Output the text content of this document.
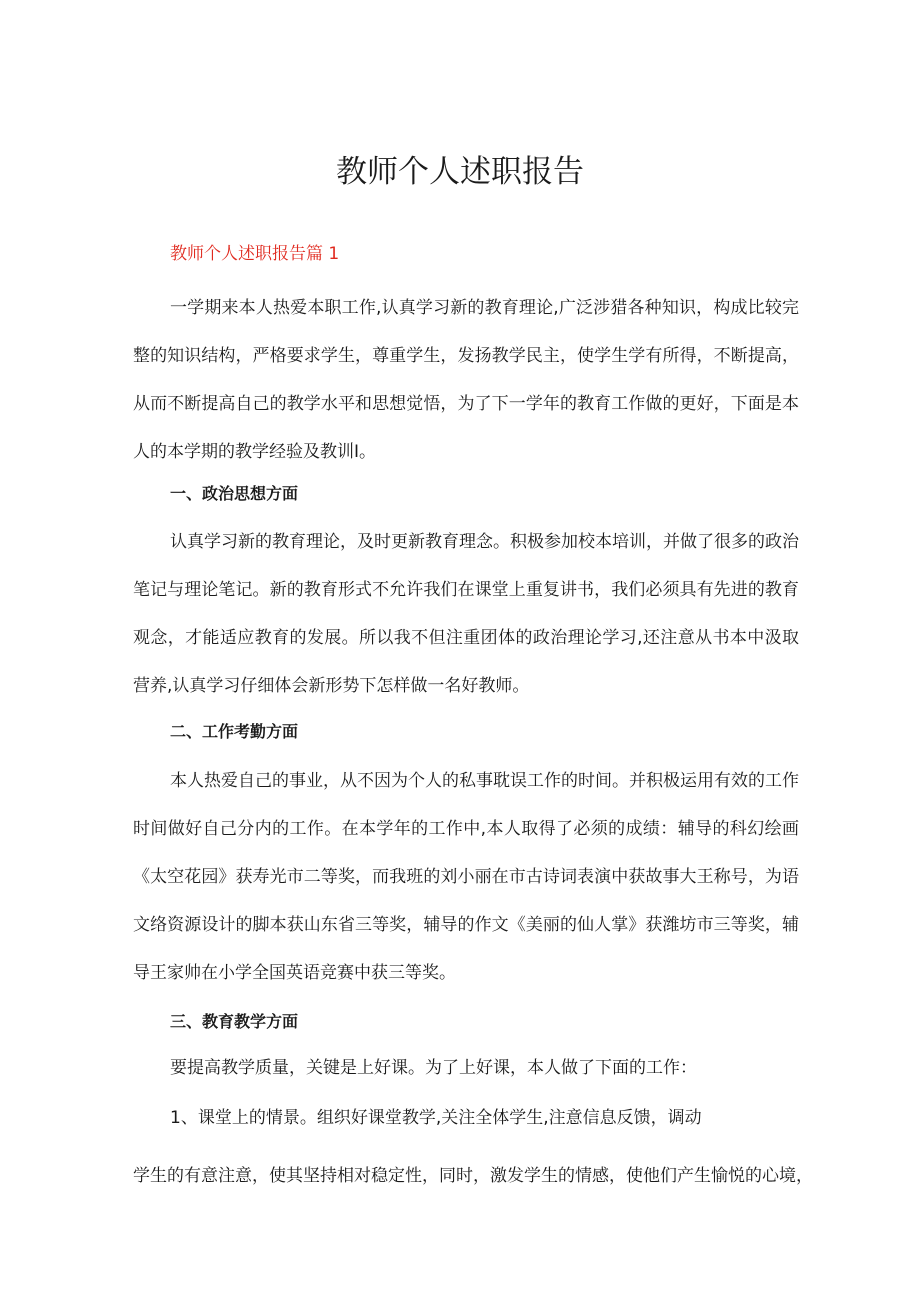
教师个人述职报告
教师个人述职报告篇 1

一学期来本人热爱本职工作,认真学习新的教育理论,广泛涉猎各种知识，构成比较完整的知识结构，严格要求学生，尊重学生，发扬教学民主，使学生学有所得，不断提高，从而不断提高自己的教学水平和思想觉悟，为了下一学年的教育工作做的更好，下面是本人的本学期的教学经验及教训I。

一、政治思想方面

认真学习新的教育理论，及时更新教育理念。积极参加校本培训，并做了很多的政治笔记与理论笔记。新的教育形式不允许我们在课堂上重复讲书，我们必须具有先进的教育观念，才能适应教育的发展。所以我不但注重团体的政治理论学习,还注意从书本中汲取营养,认真学习仔细体会新形势下怎样做一名好教师。

二、工作考勤方面

本人热爱自己的事业，从不因为个人的私事耽误工作的时间。并积极运用有效的工作时间做好自己分内的工作。在本学年的工作中,本人取得了必须的成绩：辅导的科幻绘画《太空花园》获寿光市二等奖，而我班的刘小丽在市古诗词表演中获故事大王称号，为语文络资源设计的脚本获山东省三等奖，辅导的作文《美丽的仙人掌》获潍坊市三等奖，辅导王家帅在小学全国英语竞赛中获三等奖。

三、教育教学方面
要提高教学质量，关键是上好课。为了上好课，本人做了下面的工作：
1、课堂上的情景。组织好课堂教学,关注全体学生,注意信息反馈，调动
学生的有意注意，使其坚持相对稳定性，同时，激发学生的情感，使他们产生愉悦的心境，
